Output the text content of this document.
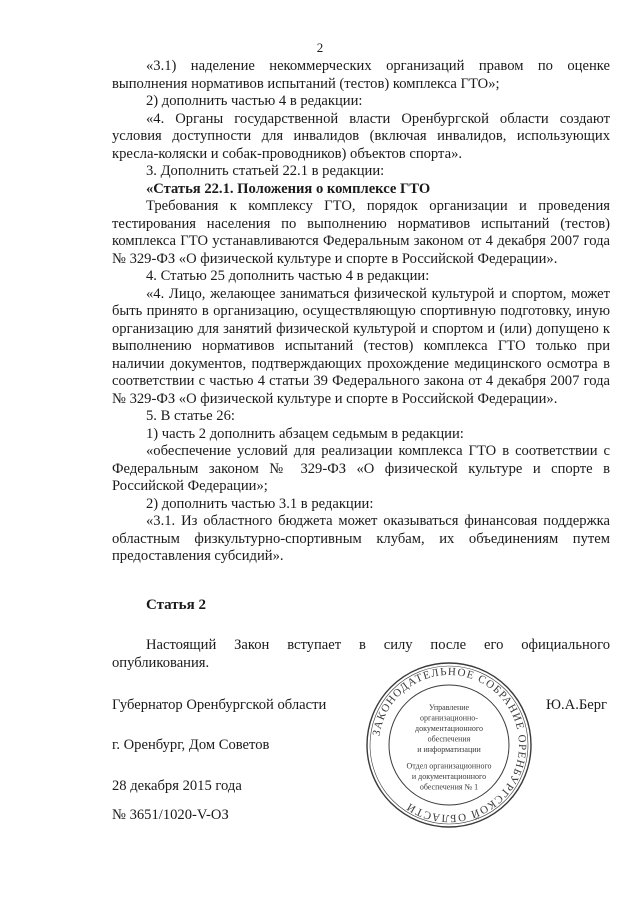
2

«3.1) наделение некоммерческих организаций правом по оценке выполнения нормативов испытаний (тестов) комплекса ГТО»;

2) дополнить частью 4 в редакции:

«4. Органы государственной власти Оренбургской области создают условия доступности для инвалидов (включая инвалидов, использующих кресла-коляски и собак-проводников) объектов спорта».

3. Дополнить статьей 22.1 в редакции:

«Статья 22.1. Положения о комплексе ГТО

Требования к комплексу ГТО, порядок организации и проведения тестирования населения по выполнению нормативов испытаний (тестов) комплекса ГТО устанавливаются Федеральным законом от 4 декабря 2007 года № 329-ФЗ «О физической культуре и спорте в Российской Федерации».

4. Статью 25 дополнить частью 4 в редакции:

«4. Лицо, желающее заниматься физической культурой и спортом, может быть принято в организацию, осуществляющую спортивную подготовку, иную организацию для занятий физической культурой и спортом и (или) допущено к выполнению нормативов испытаний (тестов) комплекса ГТО только при наличии документов, подтверждающих прохождение медицинского осмотра в соответствии с частью 4 статьи 39 Федерального закона от 4 декабря 2007 года № 329-ФЗ «О физической культуре и спорте в Российской Федерации».

5. В статье 26:

1) часть 2 дополнить абзацем седьмым в редакции:

«обеспечение условий для реализации комплекса ГТО в соответствии с Федеральным законом № 329-ФЗ «О физической культуре и спорте в Российской Федерации»;

2) дополнить частью 3.1 в редакции:

«3.1. Из областного бюджета может оказываться финансовая поддержка областным физкультурно-спортивным клубам, их объединениям путем предоставления субсидий».

Статья 2
Настоящий Закон вступает в силу после его официального опубликования.
Губернатор Оренбургской области	Ю.А.Берг
г. Оренбург, Дом Советов
28 декабря 2015 года
№ 3651/1020-V-ОЗ
ЗАКОНОДАТЕЛЬНОЕ СОБРАНИЕ ОРЕНБУРГСКОЙ ОБЛАСТИ
Управление
организационно-
документационного
обеспечения
и информатизации
Отдел организационного
и документационного
обеспечения № 1
